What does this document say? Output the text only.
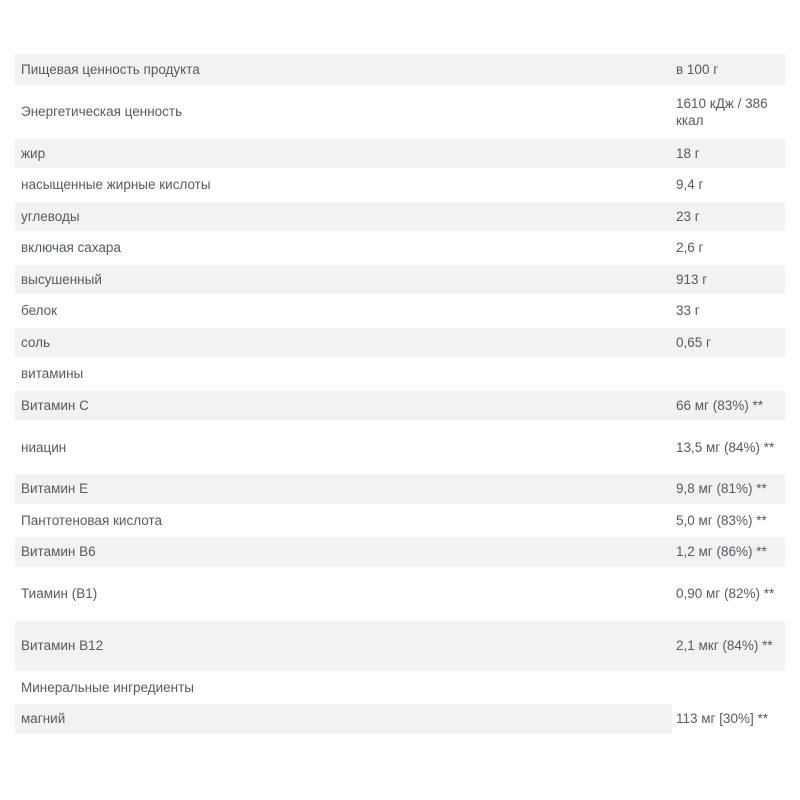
Пищевая ценность продукта	в 100 г
Энергетическая ценность	1610 кДж / 386 ккал
жир	18 г
насыщенные жирные кислоты	9,4 г
углеводы	23 г
включая сахара	2,6 г
высушенный	913 г
белок	33 г
соль	0,65 г
витамины	
Витамин С	66 мг (83%) **
ниацин	13,5 мг (84%) **
Витамин Е	9,8 мг (81%) **
Пантотеновая кислота	5,0 мг (83%) **
Витамин В6	1,2 мг (86%) **
Тиамин (В1)	0,90 мг (82%) **
Витамин В12	2,1 мкг (84%) **
Минеральные ингредиенты	
магний	113 мг [30%] **
